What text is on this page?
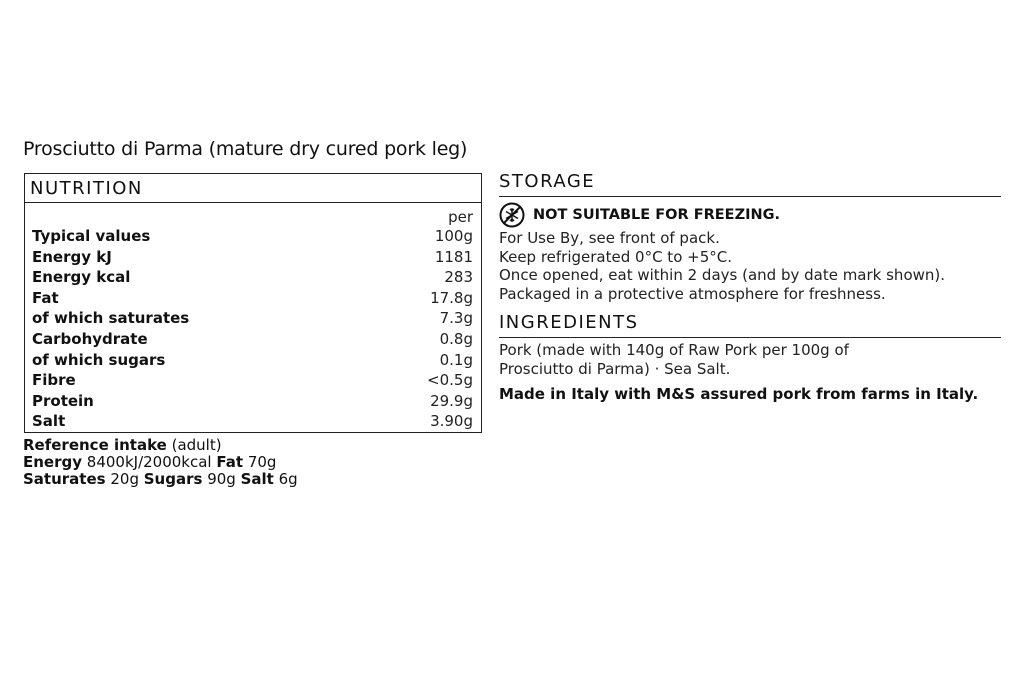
Prosciutto di Parma (mature dry cured pork leg)
NUTRITION
per
Typical values	100g
Energy kJ	1181
Energy kcal	283
Fat	17.8g
of which saturates	7.3g
Carbohydrate	0.8g
of which sugars	0.1g
Fibre	<0.5g
Protein	29.9g
Salt	3.90g
Reference intake (adult)
Energy 8400kJ/2000kcal Fat 70g
Saturates 20g Sugars 90g Salt 6g
STORAGE
NOT SUITABLE FOR FREEZING.
For Use By, see front of pack.
Keep refrigerated 0°C to +5°C.
Once opened, eat within 2 days (and by date mark shown).
Packaged in a protective atmosphere for freshness.
INGREDIENTS
Pork (made with 140g of Raw Pork per 100g of
Prosciutto di Parma) · Sea Salt.
Made in Italy with M&S assured pork from farms in Italy.
